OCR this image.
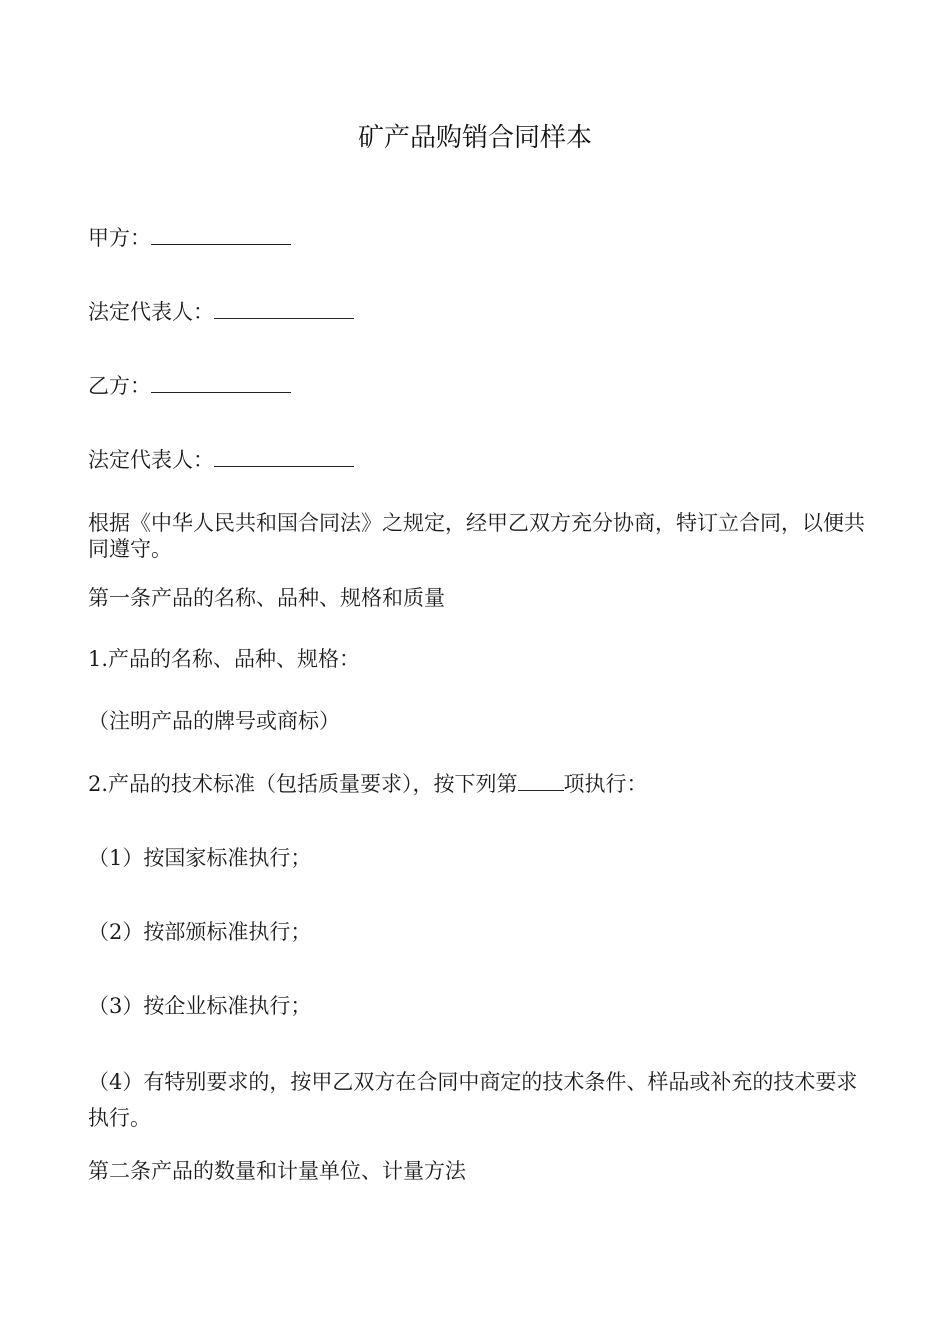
矿产品购销合同样本
甲方：
法定代表人：
乙方：
法定代表人：
根据《中华人民共和国合同法》之规定，经甲乙双方充分协商，特订立合同，以便共同遵守。
第一条产品的名称、品种、规格和质量
1.产品的名称、品种、规格：
（注明产品的牌号或商标）
2.产品的技术标准（包括质量要求），按下列第 项执行：
（1）按国家标准执行；
（2）按部颁标准执行；
（3）按企业标准执行；
（4）有特别要求的，按甲乙双方在合同中商定的技术条件、样品或补充的技术要求执行。
第二条产品的数量和计量单位、计量方法
